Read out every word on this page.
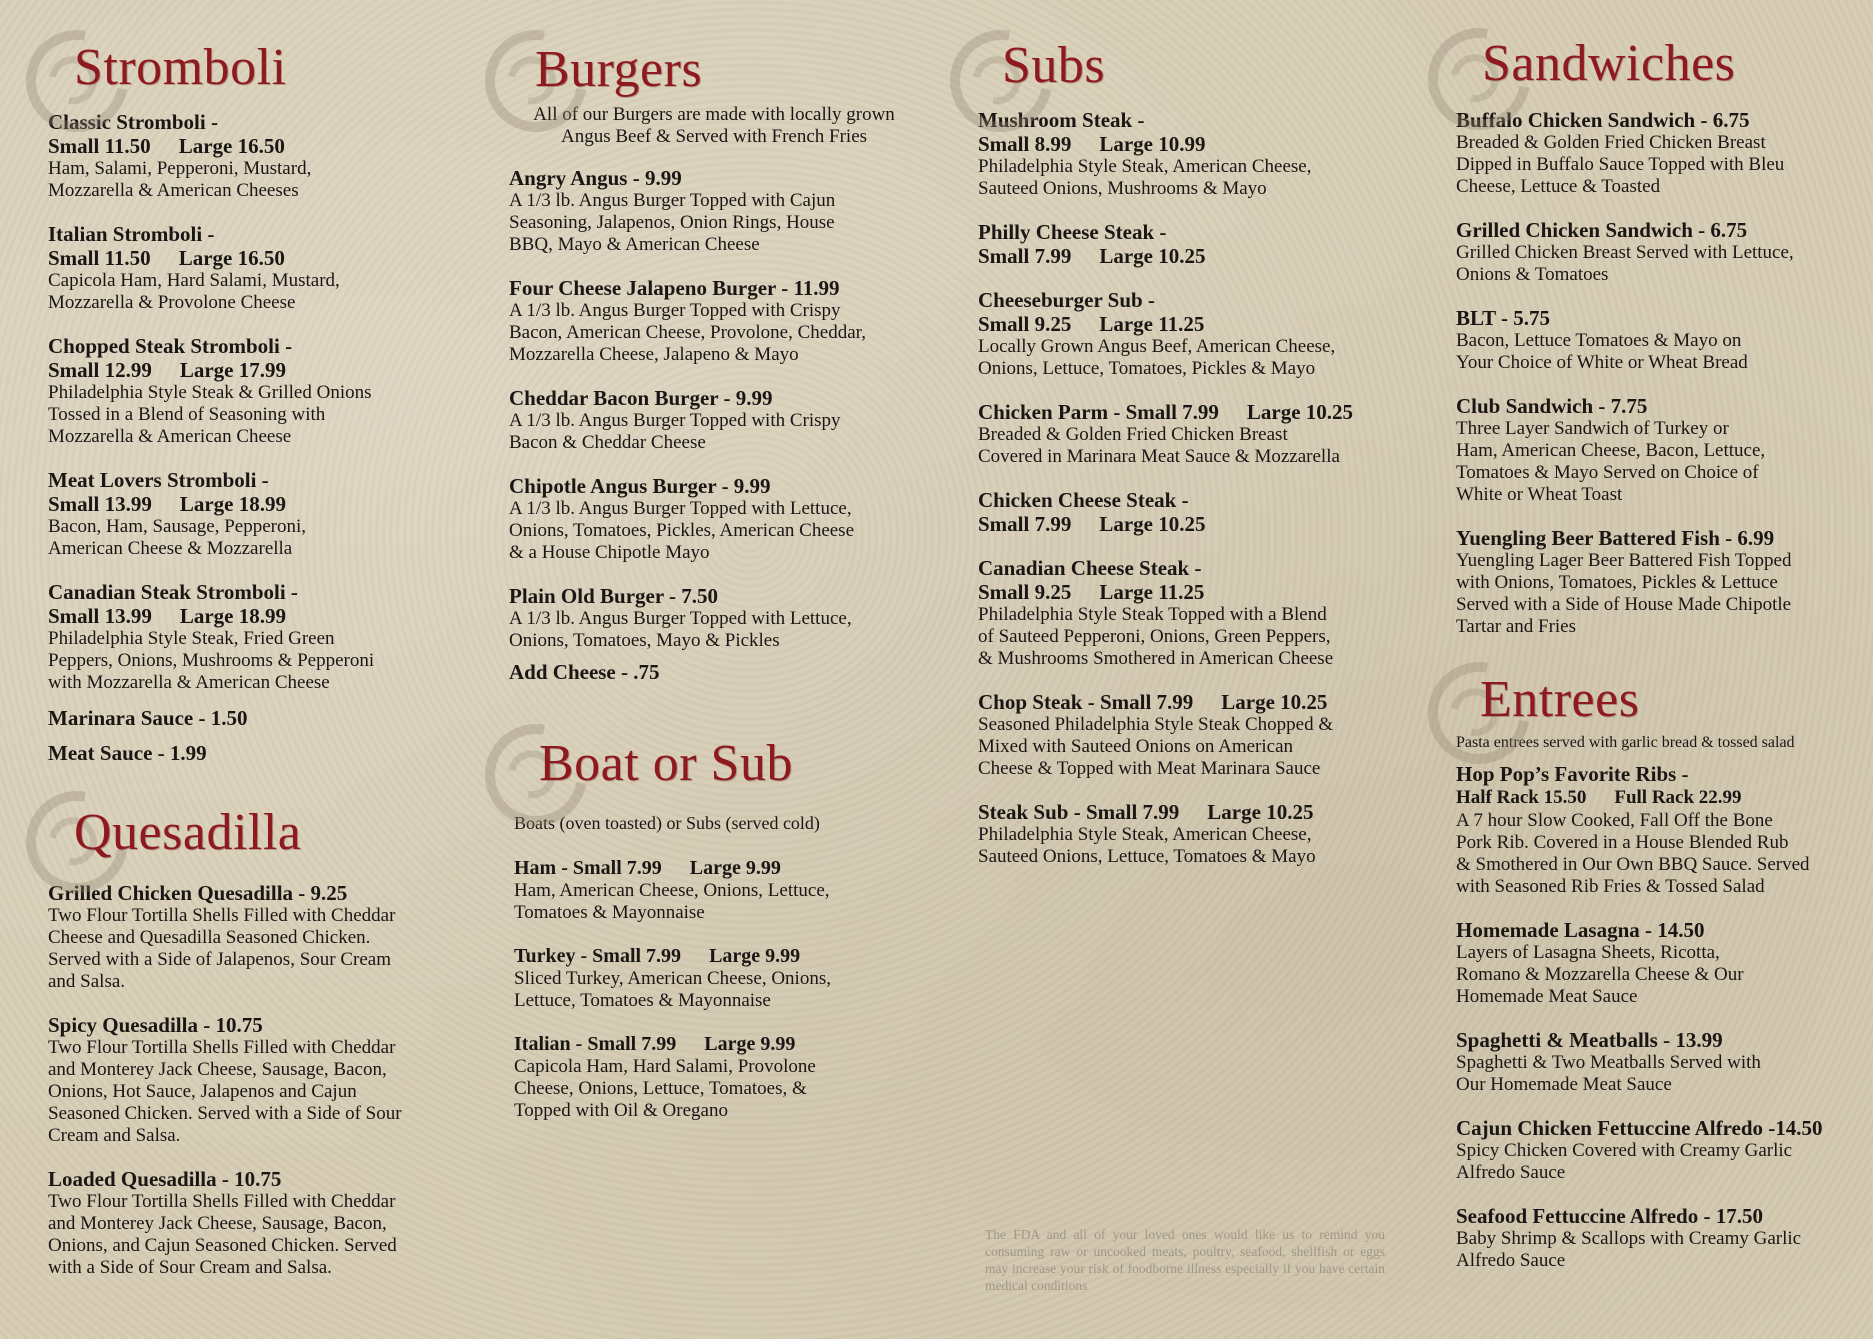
Stromboli
Classic Stromboli -
Small 11.50 Large 16.50
Ham, Salami, Pepperoni, Mustard,
Mozzarella & American Cheeses
Italian Stromboli -
Small 11.50 Large 16.50
Capicola Ham, Hard Salami, Mustard,
Mozzarella & Provolone Cheese
Chopped Steak Stromboli -
Small 12.99 Large 17.99
Philadelphia Style Steak & Grilled Onions
Tossed in a Blend of Seasoning with
Mozzarella & American Cheese
Meat Lovers Stromboli -
Small 13.99 Large 18.99
Bacon, Ham, Sausage, Pepperoni,
American Cheese & Mozzarella
Canadian Steak Stromboli -
Small 13.99 Large 18.99
Philadelphia Style Steak, Fried Green
Peppers, Onions, Mushrooms & Pepperoni
with Mozzarella & American Cheese
Marinara Sauce - 1.50
Meat Sauce - 1.99
Quesadilla
Grilled Chicken Quesadilla - 9.25
Two Flour Tortilla Shells Filled with Cheddar
Cheese and Quesadilla Seasoned Chicken.
Served with a Side of Jalapenos, Sour Cream
and Salsa.
Spicy Quesadilla - 10.75
Two Flour Tortilla Shells Filled with Cheddar
and Monterey Jack Cheese, Sausage, Bacon,
Onions, Hot Sauce, Jalapenos and Cajun
Seasoned Chicken. Served with a Side of Sour
Cream and Salsa.
Loaded Quesadilla - 10.75
Two Flour Tortilla Shells Filled with Cheddar
and Monterey Jack Cheese, Sausage, Bacon,
Onions, and Cajun Seasoned Chicken. Served
with a Side of Sour Cream and Salsa.
Burgers
All of our Burgers are made with locally grown
Angus Beef & Served with French Fries
Angry Angus - 9.99
A 1/3 lb. Angus Burger Topped with Cajun
Seasoning, Jalapenos, Onion Rings, House
BBQ, Mayo & American Cheese
Four Cheese Jalapeno Burger - 11.99
A 1/3 lb. Angus Burger Topped with Crispy
Bacon, American Cheese, Provolone, Cheddar,
Mozzarella Cheese, Jalapeno & Mayo
Cheddar Bacon Burger - 9.99
A 1/3 lb. Angus Burger Topped with Crispy
Bacon & Cheddar Cheese
Chipotle Angus Burger - 9.99
A 1/3 lb. Angus Burger Topped with Lettuce,
Onions, Tomatoes, Pickles, American Cheese
& a House Chipotle Mayo
Plain Old Burger - 7.50
A 1/3 lb. Angus Burger Topped with Lettuce,
Onions, Tomatoes, Mayo & Pickles
Add Cheese - .75
Boat or Sub
Boats (oven toasted) or Subs (served cold)
Ham - Small 7.99 Large 9.99
Ham, American Cheese, Onions, Lettuce,
Tomatoes & Mayonnaise
Turkey - Small 7.99 Large 9.99
Sliced Turkey, American Cheese, Onions,
Lettuce, Tomatoes & Mayonnaise
Italian - Small 7.99 Large 9.99
Capicola Ham, Hard Salami, Provolone
Cheese, Onions, Lettuce, Tomatoes, &
Topped with Oil & Oregano
Subs
Mushroom Steak -
Small 8.99 Large 10.99
Philadelphia Style Steak, American Cheese,
Sauteed Onions, Mushrooms & Mayo
Philly Cheese Steak -
Small 7.99 Large 10.25
Cheeseburger Sub -
Small 9.25 Large 11.25
Locally Grown Angus Beef, American Cheese,
Onions, Lettuce, Tomatoes, Pickles & Mayo
Chicken Parm - Small 7.99 Large 10.25
Breaded & Golden Fried Chicken Breast
Covered in Marinara Meat Sauce & Mozzarella
Chicken Cheese Steak -
Small 7.99 Large 10.25
Canadian Cheese Steak -
Small 9.25 Large 11.25
Philadelphia Style Steak Topped with a Blend
of Sauteed Pepperoni, Onions, Green Peppers,
& Mushrooms Smothered in American Cheese
Chop Steak - Small 7.99 Large 10.25
Seasoned Philadelphia Style Steak Chopped &
Mixed with Sauteed Onions on American
Cheese & Topped with Meat Marinara Sauce
Steak Sub - Small 7.99 Large 10.25
Philadelphia Style Steak, American Cheese,
Sauteed Onions, Lettuce, Tomatoes & Mayo
The FDA and all of your loved ones would like us to remind you consuming raw or uncooked meats, poultry, seafood, shellfish or eggs may increase your risk of foodborne illness especially if you have certain medical conditions
Sandwiches
Buffalo Chicken Sandwich - 6.75
Breaded & Golden Fried Chicken Breast
Dipped in Buffalo Sauce Topped with Bleu
Cheese, Lettuce & Toasted
Grilled Chicken Sandwich - 6.75
Grilled Chicken Breast Served with Lettuce,
Onions & Tomatoes
BLT - 5.75
Bacon, Lettuce Tomatoes & Mayo on
Your Choice of White or Wheat Bread
Club Sandwich - 7.75
Three Layer Sandwich of Turkey or
Ham, American Cheese, Bacon, Lettuce,
Tomatoes & Mayo Served on Choice of
White or Wheat Toast
Yuengling Beer Battered Fish - 6.99
Yuengling Lager Beer Battered Fish Topped
with Onions, Tomatoes, Pickles & Lettuce
Served with a Side of House Made Chipotle
Tartar and Fries
Entrees
Pasta entrees served with garlic bread & tossed salad
Hop Pop’s Favorite Ribs -
Half Rack 15.50 Full Rack 22.99
A 7 hour Slow Cooked, Fall Off the Bone
Pork Rib. Covered in a House Blended Rub
& Smothered in Our Own BBQ Sauce. Served
with Seasoned Rib Fries & Tossed Salad
Homemade Lasagna - 14.50
Layers of Lasagna Sheets, Ricotta,
Romano & Mozzarella Cheese & Our
Homemade Meat Sauce
Spaghetti & Meatballs - 13.99
Spaghetti & Two Meatballs Served with
Our Homemade Meat Sauce
Cajun Chicken Fettuccine Alfredo -14.50
Spicy Chicken Covered with Creamy Garlic
Alfredo Sauce
Seafood Fettuccine Alfredo - 17.50
Baby Shrimp & Scallops with Creamy Garlic
Alfredo Sauce
